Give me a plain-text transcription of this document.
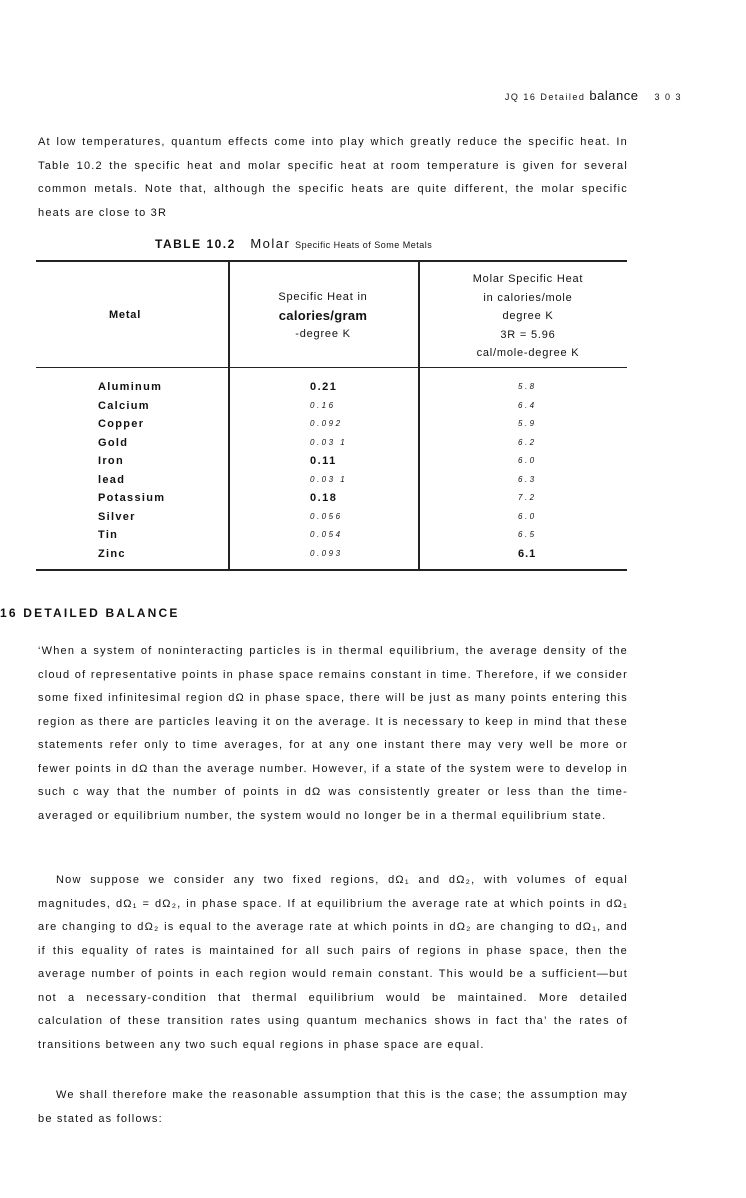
JQ 16 Detailed balance 3 0 3
At low temperatures, quantum effects come into play which greatly reduce the specific heat. In Table 10.2 the specific heat and molar specific heat at room temperature is given for several common metals. Note that, although the specific heats are quite different, the molar specific heats are close to 3R
TABLE 10.2 Molar Specific Heats of Some Metals
Metal
Specific Heat in
calories/gram
-degree K
Molar Specific Heat
in calories/mole
degree K
3R = 5.96
cal/mole-degree K
Aluminum
Calcium
Copper
Gold
Iron
lead
Potassium
Silver
Tin
Zinc
0.21
0.16
0.092
0.03 1
0.11
0.03 1
0.18
0.056
0.054
0.093
5.8
6.4
5.9
6.2
6.0
6.3
7.2
6.0
6.5
6.1
16 DETAILED BALANCE
‘When a system of noninteracting particles is in thermal equilibrium, the average density of the cloud of representative points in phase space remains constant in time. Therefore, if we consider some fixed infinitesimal region dΩ in phase space, there will be just as many points entering this region as there are particles leaving it on the average. It is necessary to keep in mind that these statements refer only to time averages, for at any one instant there may very well be more or fewer points in dΩ than the average number. However, if a state of the system were to develop in such c way that the number of points in dΩ was consistently greater or less than the time-averaged or equilibrium number, the system would no longer be in a thermal equilibrium state.
Now suppose we consider any two fixed regions, dΩ₁ and dΩ₂, with volumes of equal magnitudes, dΩ₁ = dΩ₂, in phase space. If at equilibrium the average rate at which points in dΩ₁ are changing to dΩ₂ is equal to the average rate at which points in dΩ₂ are changing to dΩ₁, and if this equality of rates is maintained for all such pairs of regions in phase space, then the average number of points in each region would remain constant. This would be a sufficient—but not a necessary-condition that thermal equilibrium would be maintained. More detailed calculation of these transition rates using quantum mechanics shows in fact tha’ the rates of transitions between any two such equal regions in phase space are equal.
We shall therefore make the reasonable assumption that this is the case; the assumption may be stated as follows:
